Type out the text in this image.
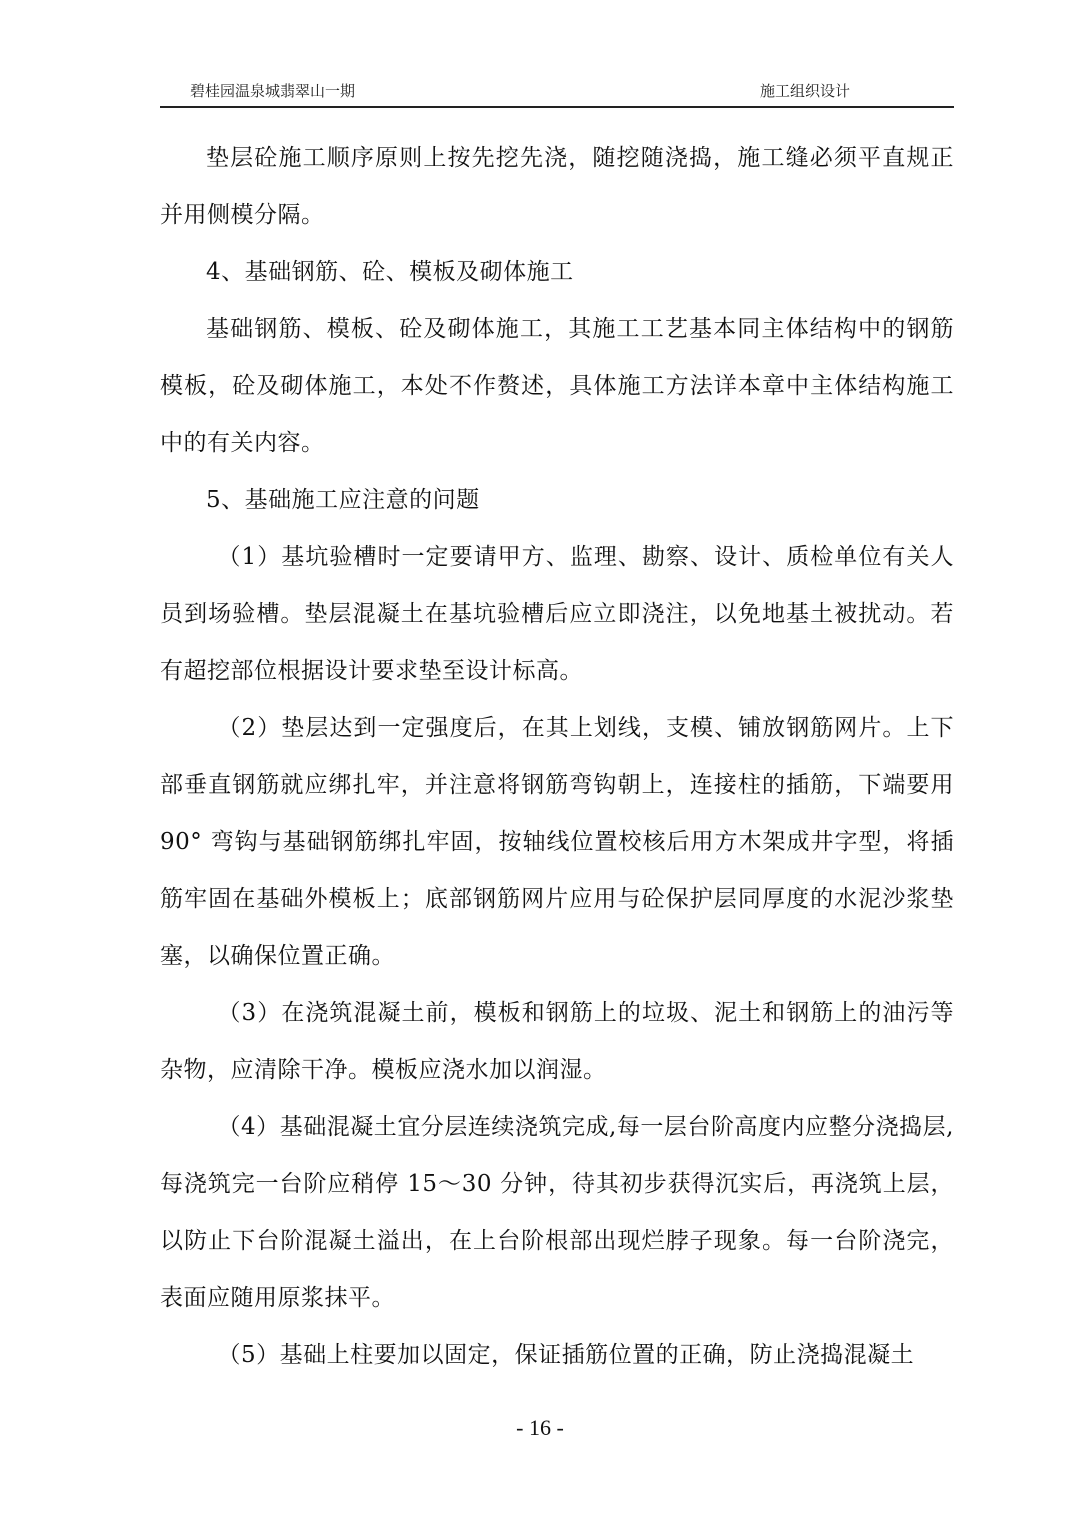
碧桂园温泉城翡翠山一期	施工组织设计

垫层砼施工顺序原则上按先挖先浇，随挖随浇捣，施工缝必须平直规正并用侧模分隔。

4、基础钢筋、砼、模板及砌体施工

基础钢筋、模板、砼及砌体施工，其施工工艺基本同主体结构中的钢筋模板，砼及砌体施工，本处不作赘述，具体施工方法详本章中主体结构施工中的有关内容。

5、基础施工应注意的问题

（1）基坑验槽时一定要请甲方、监理、勘察、设计、质检单位有关人员到场验槽。垫层混凝土在基坑验槽后应立即浇注，以免地基土被扰动。若有超挖部位根据设计要求垫至设计标高。

（2）垫层达到一定强度后，在其上划线，支模、铺放钢筋网片。上下部垂直钢筋就应绑扎牢，并注意将钢筋弯钩朝上，连接柱的插筋，下端要用 90° 弯钩与基础钢筋绑扎牢固，按轴线位置校核后用方木架成井字型，将插筋牢固在基础外模板上；底部钢筋网片应用与砼保护层同厚度的水泥沙浆垫塞，以确保位置正确。

（3）在浇筑混凝土前，模板和钢筋上的垃圾、泥土和钢筋上的油污等杂物，应清除干净。模板应浇水加以润湿。

（4）基础混凝土宜分层连续浇筑完成,每一层台阶高度内应整分浇捣层,每浇筑完一台阶应稍停 15～30 分钟，待其初步获得沉实后，再浇筑上层，以防止下台阶混凝土溢出，在上台阶根部出现烂脖子现象。每一台阶浇完，表面应随用原浆抹平。

（5）基础上柱要加以固定，保证插筋位置的正确，防止浇捣混凝土

- 16 -
